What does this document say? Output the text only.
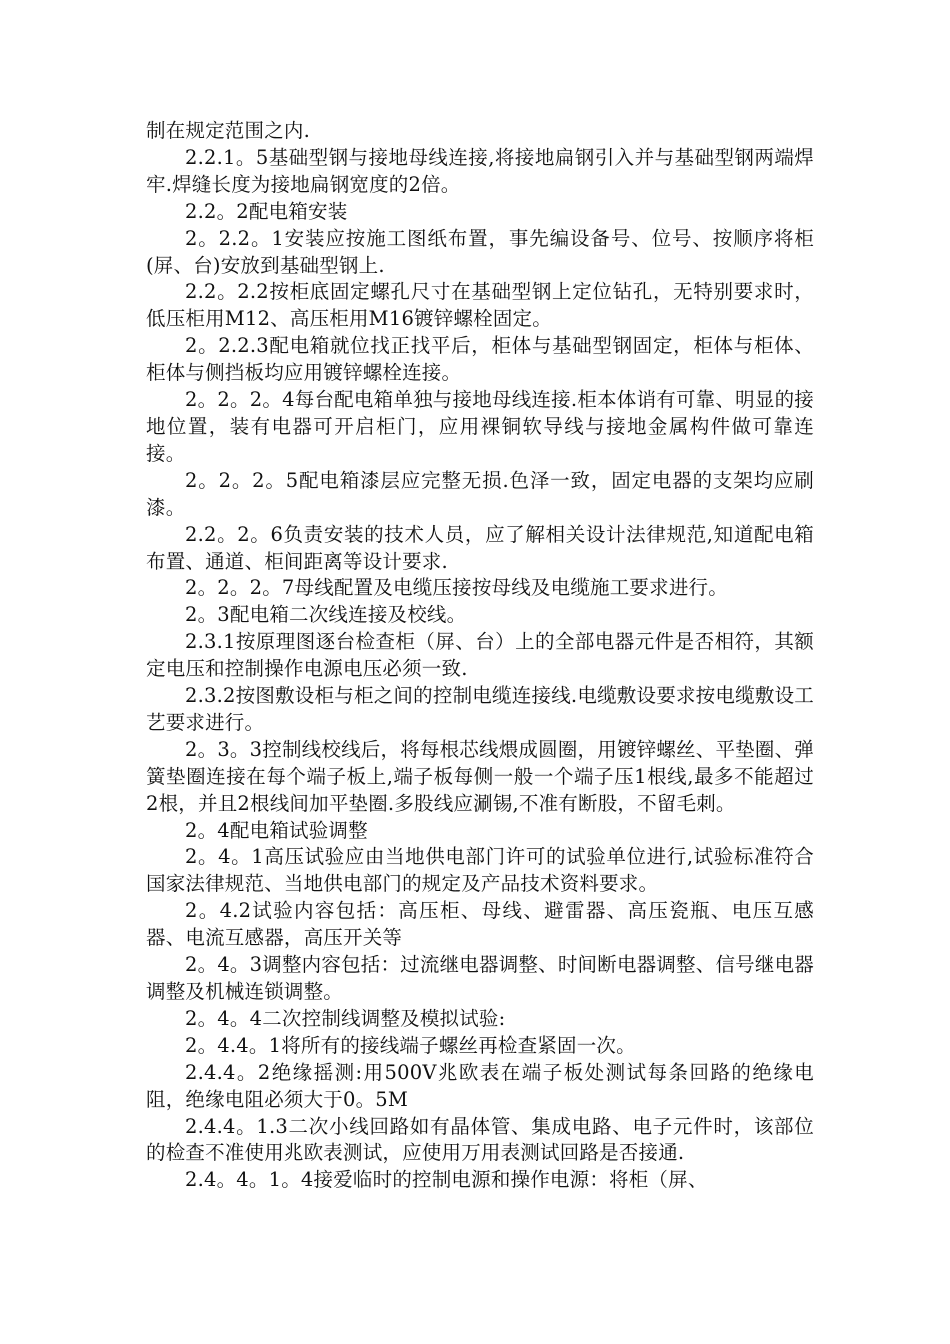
制在规定范围之内.

2.2.1。5基础型钢与接地母线连接,将接地扁钢引入并与基础型钢两端焊牢.焊缝长度为接地扁钢宽度的2倍。

2.2。2配电箱安装

2。2.2。1安装应按施工图纸布置，事先编设备号、位号、按顺序将柜(屏、台)安放到基础型钢上.

2.2。2.2按柜底固定螺孔尺寸在基础型钢上定位钻孔，无特别要求时，低压柜用M12、高压柜用M16镀锌螺栓固定。

2。2.2.3配电箱就位找正找平后，柜体与基础型钢固定，柜体与柜体、柜体与侧挡板均应用镀锌螺栓连接。

2。2。2。4每台配电箱单独与接地母线连接.柜本体诮有可靠、明显的接地位置，装有电器可开启柜门，应用裸铜软导线与接地金属构件做可靠连接。

2。2。2。5配电箱漆层应完整无损.色泽一致，固定电器的支架均应刷漆。

2.2。2。6负责安装的技术人员，应了解相关设计法律规范,知道配电箱布置、通道、柜间距离等设计要求.

2。2。2。7母线配置及电缆压接按母线及电缆施工要求进行。

2。3配电箱二次线连接及校线。

2.3.1按原理图逐台检查柜（屏、台）上的全部电器元件是否相符，其额定电压和控制操作电源电压必须一致.

2.3.2按图敷设柜与柜之间的控制电缆连接线.电缆敷设要求按电缆敷设工艺要求进行。

2。3。3控制线校线后，将每根芯线煨成圆圈，用镀锌螺丝、平垫圈、弹簧垫圈连接在每个端子板上,端子板每侧一般一个端子压1根线,最多不能超过2根，并且2根线间加平垫圈.多股线应涮锡,不准有断股，不留毛刺。

2。4配电箱试验调整

2。4。1高压试验应由当地供电部门许可的试验单位进行,试验标准符合国家法律规范、当地供电部门的规定及产品技术资料要求。

2。4.2试验内容包括：高压柜、母线、避雷器、高压瓷瓶、电压互感器、电流互感器，高压开关等

2。4。3调整内容包括：过流继电器调整、时间断电器调整、信号继电器调整及机械连锁调整。

2。4。4二次控制线调整及模拟试验:

2。4.4。1将所有的接线端子螺丝再检查紧固一次。

2.4.4。2绝缘摇测:用500V兆欧表在端子板处测试每条回路的绝缘电阻，绝缘电阻必须大于0。5M

2.4.4。1.3二次小线回路如有晶体管、集成电路、电子元件时，该部位的检查不准使用兆欧表测试，应使用万用表测试回路是否接通.

2.4。4。1。4接爱临时的控制电源和操作电源：将柜（屏、
